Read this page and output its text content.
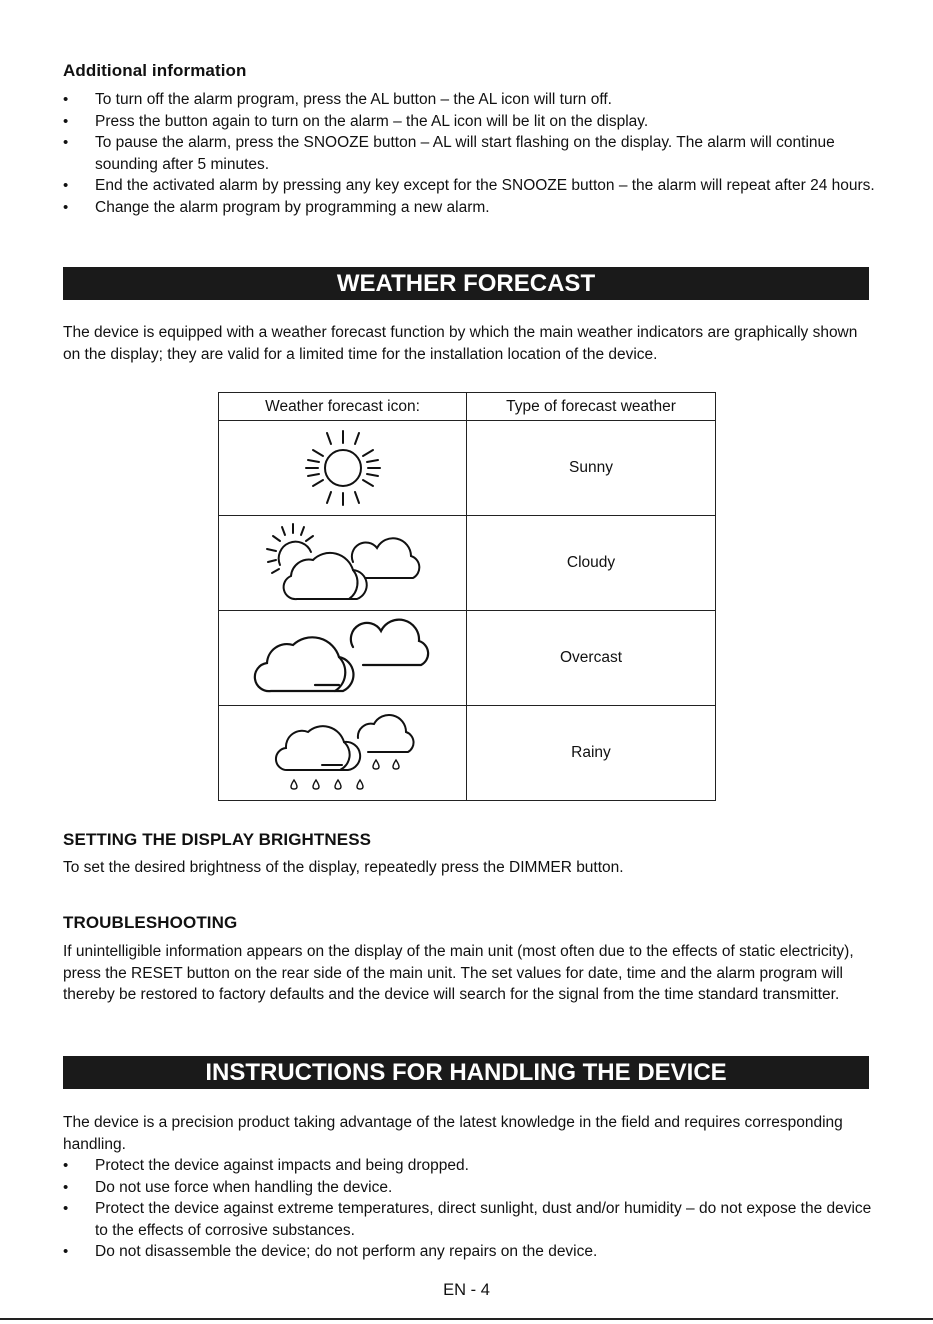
Additional information
• To turn off the alarm program, press the AL button – the AL icon will turn off.
• Press the button again to turn on the alarm – the AL icon will be lit on the display.
• To pause the alarm, press the SNOOZE button – AL will start flashing on the display. The alarm will continue sounding after 5 minutes.
• End the activated alarm by pressing any key except for the SNOOZE button – the alarm will repeat after 24 hours.
• Change the alarm program by programming a new alarm.
WEATHER FORECAST
The device is equipped with a weather forecast function by which the main weather indicators are graphically shown on the display; they are valid for a limited time for the installation location of the device.
Weather forecast icon:	Type of forecast weather

	Sunny

	Cloudy

	Overcast

	Rainy
SETTING THE DISPLAY BRIGHTNESS
To set the desired brightness of the display, repeatedly press the DIMMER button.
TROUBLESHOOTING
If unintelligible information appears on the display of the main unit (most often due to the effects of static electricity), press the RESET button on the rear side of the main unit. The set values for date, time and the alarm program will thereby be restored to factory defaults and the device will search for the signal from the time standard transmitter.
INSTRUCTIONS FOR HANDLING THE DEVICE
The device is a precision product taking advantage of the latest knowledge in the field and requires corresponding handling.
• Protect the device against impacts and being dropped.
• Do not use force when handling the device.
• Protect the device against extreme temperatures, direct sunlight, dust and/or humidity – do not expose the device to the effects of corrosive substances.
• Do not disassemble the device; do not perform any repairs on the device.
EN - 4
